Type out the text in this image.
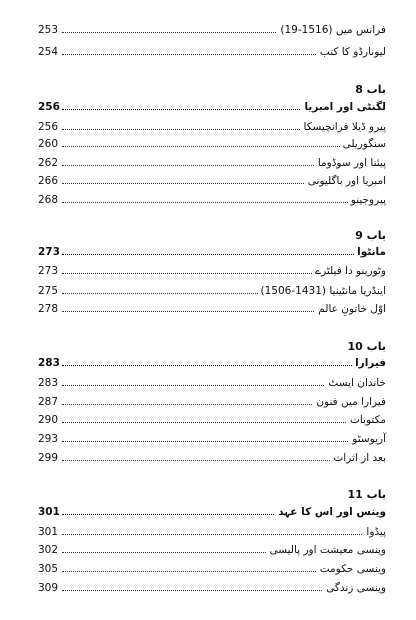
253	فرانس میں (1516-19)
254	لیونارڈو کا کتب
باب 8
256	لگنٹی اور امبریا
256	پیرو ڈیلا فرانچیسکا
260	سنگوریلی
262	پیئنا اور سوڈوما
266	امبریا اور باگلیونی
268	پیروجینو
باب 9
273	مانٹوا
273	وٹورینو دا فیلٹرے
275	اینڈریا مانٹینیا (1431-1506)
278	اوّل خاتونِ عالم
باب 10
283	فیرارا
283	خاندان ایسٹ
287	فیرارا میں فنون
290	مکتوبات
293	آریوسٹو
299	بعد از اثرات
باب 11
301	وینس اور اس کا عہد
301	پیڈوا
302	وینسی معیشت اور پالیسی
305	وینسی حکومت
309	وینسی زندگی
